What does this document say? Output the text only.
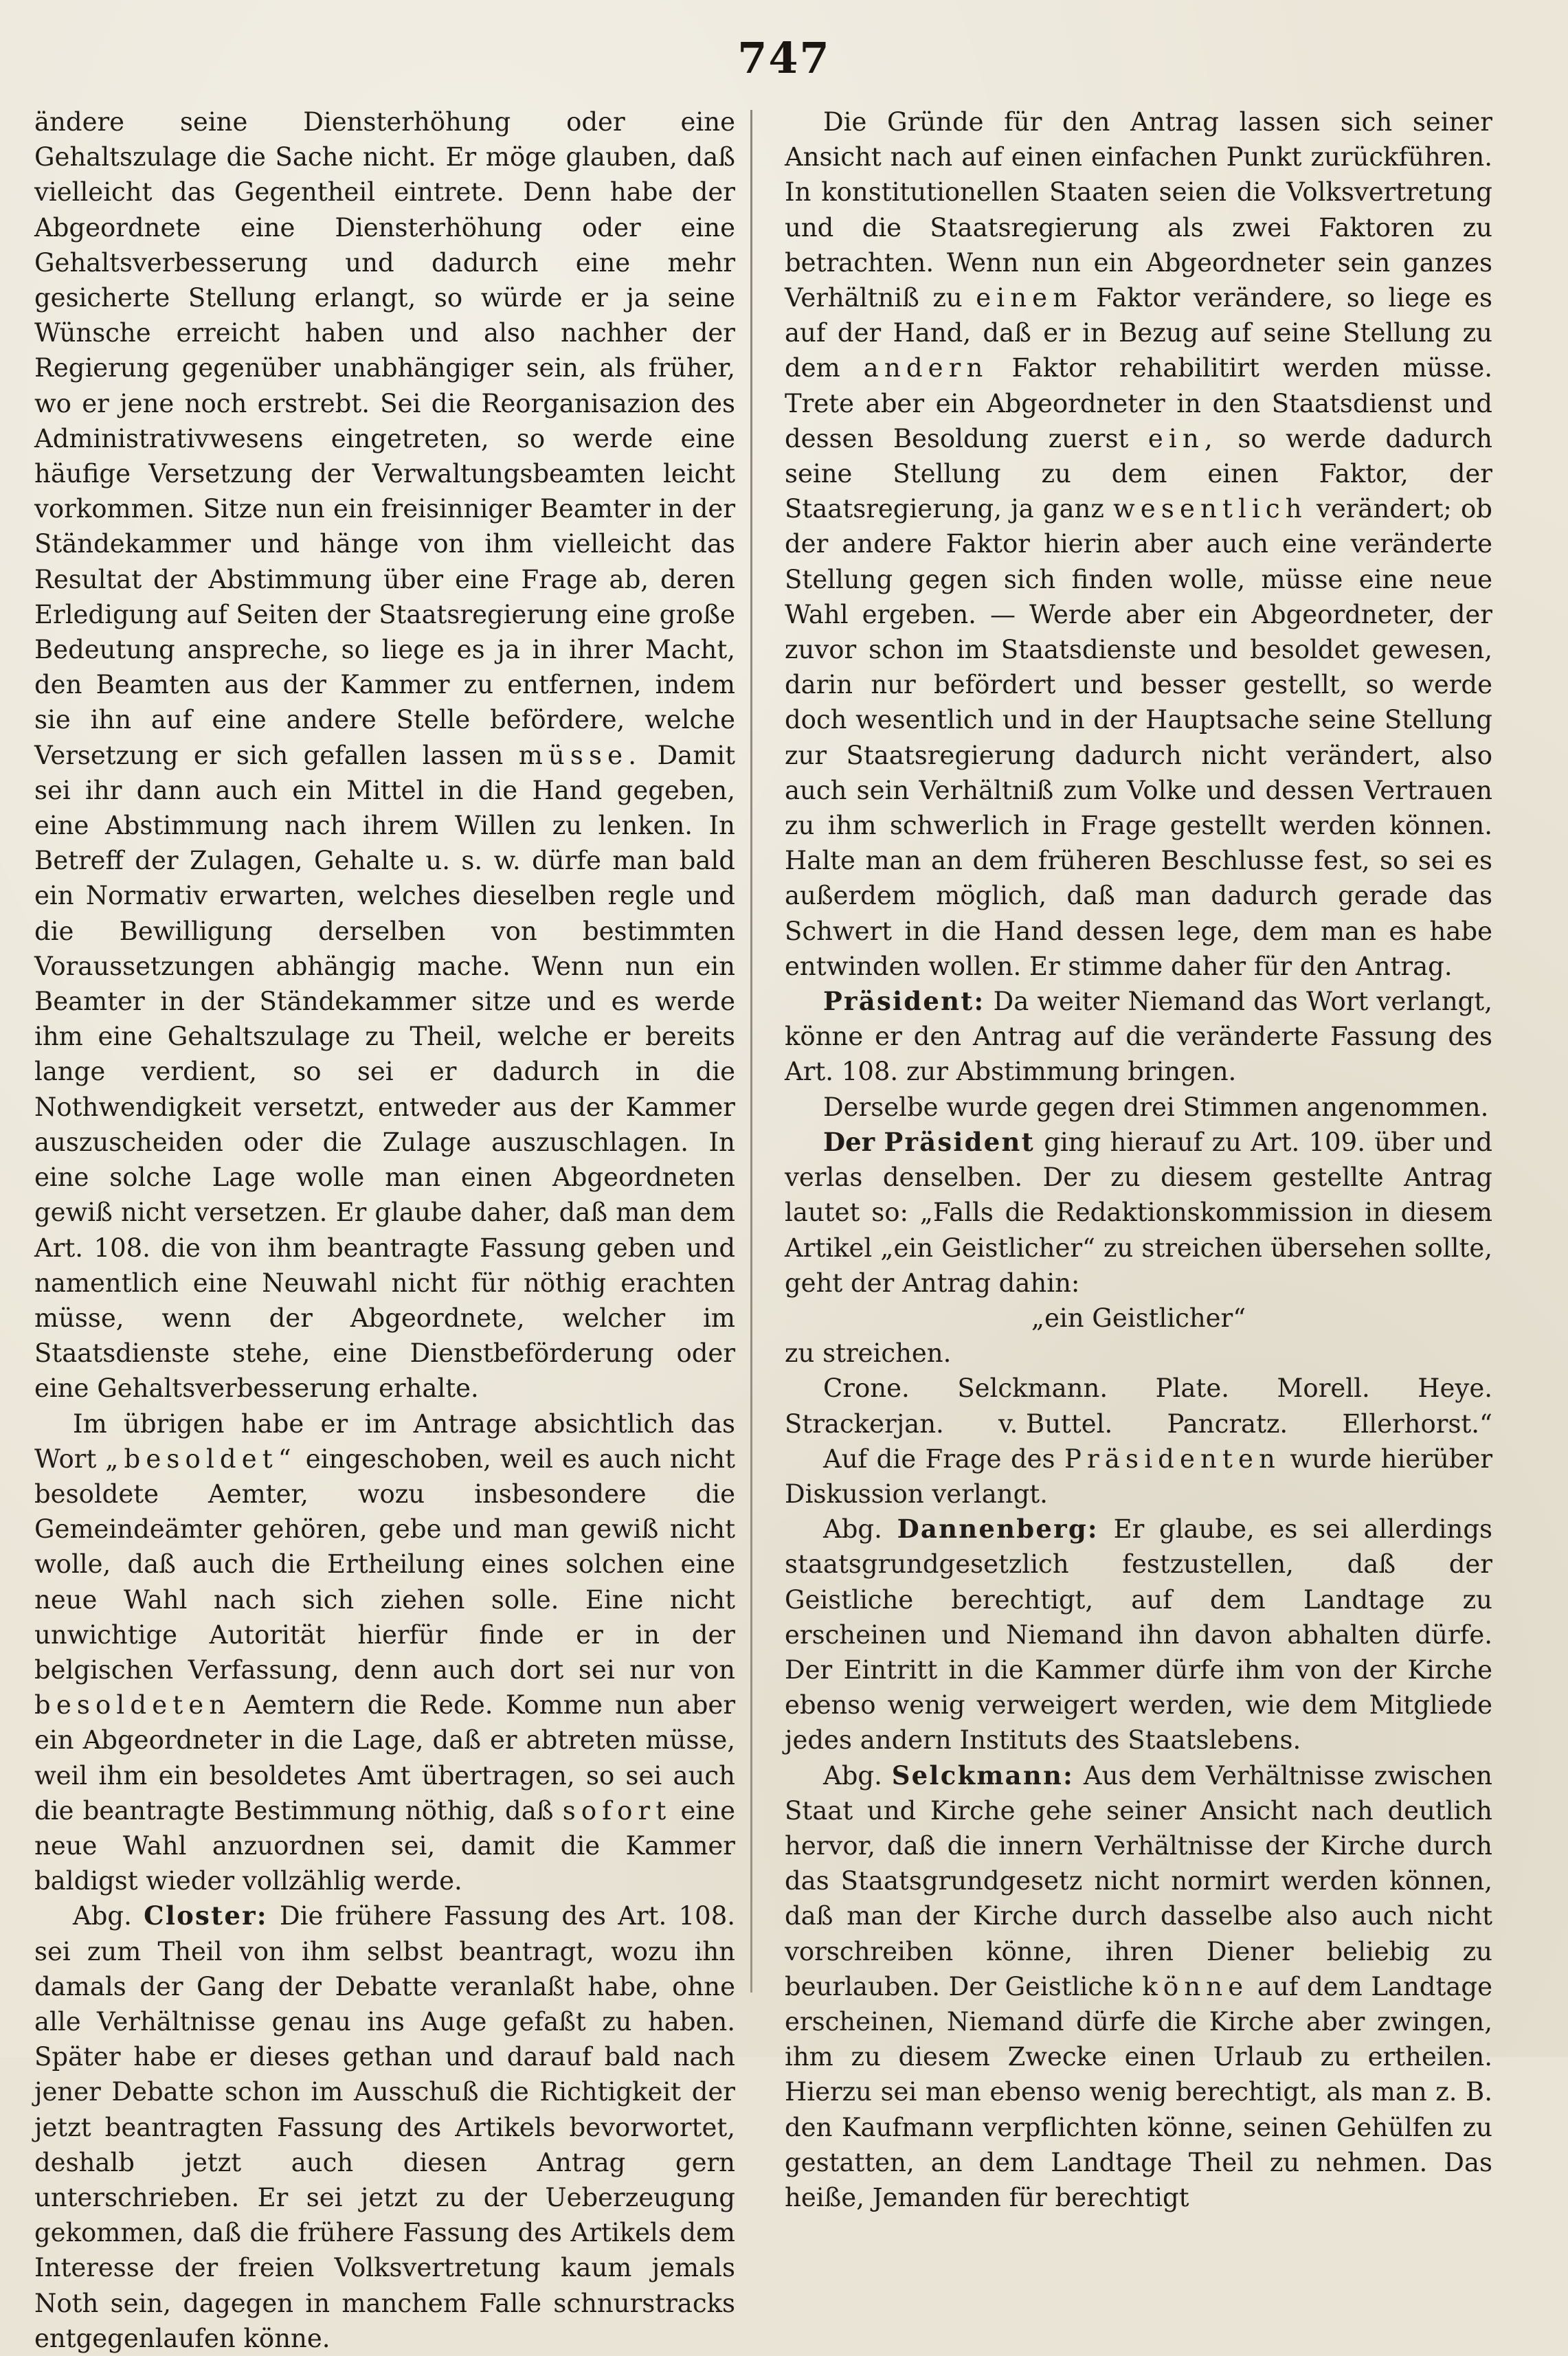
747

ändere seine Diensterhöhung oder eine Gehaltszulage die Sache nicht. Er möge glauben, daß vielleicht das Gegentheil eintrete. Denn habe der Abgeordnete eine Diensterhöhung oder eine Gehaltsverbesserung und dadurch eine mehr gesicherte Stellung erlangt, so würde er ja seine Wünsche erreicht haben und also nachher der Regierung gegenüber unabhängiger sein, als früher, wo er jene noch erstrebt. Sei die Reorganisazion des Administrativwesens eingetreten, so werde eine häufige Versetzung der Verwaltungsbeamten leicht vorkommen. Sitze nun ein freisinniger Beamter in der Ständekammer und hänge von ihm vielleicht das Resultat der Abstimmung über eine Frage ab, deren Erledigung auf Seiten der Staatsregierung eine große Bedeutung anspreche, so liege es ja in ihrer Macht, den Beamten aus der Kammer zu entfernen, indem sie ihn auf eine andere Stelle befördere, welche Versetzung er sich gefallen lassen müsse. Damit sei ihr dann auch ein Mittel in die Hand gegeben, eine Abstimmung nach ihrem Willen zu lenken. In Betreff der Zulagen, Gehalte u. s. w. dürfe man bald ein Normativ erwarten, welches dieselben regle und die Bewilligung derselben von bestimmten Voraussetzungen abhängig mache. Wenn nun ein Beamter in der Ständekammer sitze und es werde ihm eine Gehaltszulage zu Theil, welche er bereits lange verdient, so sei er dadurch in die Nothwendigkeit versetzt, entweder aus der Kammer auszuscheiden oder die Zulage auszuschlagen. In eine solche Lage wolle man einen Abgeordneten gewiß nicht versetzen. Er glaube daher, daß man dem Art. 108. die von ihm beantragte Fassung geben und namentlich eine Neuwahl nicht für nöthig erachten müsse, wenn der Abgeordnete, welcher im Staatsdienste stehe, eine Dienstbeförderung oder eine Gehaltsverbesserung erhalte.

Im übrigen habe er im Antrage absichtlich das Wort „besoldet“ eingeschoben, weil es auch nicht besoldete Aemter, wozu insbesondere die Gemeindeämter gehören, gebe und man gewiß nicht wolle, daß auch die Ertheilung eines solchen eine neue Wahl nach sich ziehen solle. Eine nicht unwichtige Autorität hierfür finde er in der belgischen Verfassung, denn auch dort sei nur von besoldeten Aemtern die Rede. Komme nun aber ein Abgeordneter in die Lage, daß er abtreten müsse, weil ihm ein besoldetes Amt übertragen, so sei auch die beantragte Bestimmung nöthig, daß sofort eine neue Wahl anzuordnen sei, damit die Kammer baldigst wieder vollzählig werde.

Abg. Closter: Die frühere Fassung des Art. 108. sei zum Theil von ihm selbst beantragt, wozu ihn damals der Gang der Debatte veranlaßt habe, ohne alle Verhältnisse genau ins Auge gefaßt zu haben. Später habe er dieses gethan und darauf bald nach jener Debatte schon im Ausschuß die Richtigkeit der jetzt beantragten Fassung des Artikels bevorwortet, deshalb jetzt auch diesen Antrag gern unterschrieben. Er sei jetzt zu der Ueberzeugung gekommen, daß die frühere Fassung des Artikels dem Interesse der freien Volksvertretung kaum jemals Noth sein, dagegen in manchem Falle schnurstracks entgegenlaufen könne.

Die Gründe für den Antrag lassen sich seiner Ansicht nach auf einen einfachen Punkt zurückführen. In konstitutionellen Staaten seien die Volksvertretung und die Staatsregierung als zwei Faktoren zu betrachten. Wenn nun ein Abgeordneter sein ganzes Verhältniß zu einem Faktor verändere, so liege es auf der Hand, daß er in Bezug auf seine Stellung zu dem andern Faktor rehabilitirt werden müsse. Trete aber ein Abgeordneter in den Staatsdienst und dessen Besoldung zuerst ein, so werde dadurch seine Stellung zu dem einen Faktor, der Staatsregierung, ja ganz wesentlich verändert; ob der andere Faktor hierin aber auch eine veränderte Stellung gegen sich finden wolle, müsse eine neue Wahl ergeben. — Werde aber ein Abgeordneter, der zuvor schon im Staatsdienste und besoldet gewesen, darin nur befördert und besser gestellt, so werde doch wesentlich und in der Hauptsache seine Stellung zur Staatsregierung dadurch nicht verändert, also auch sein Verhältniß zum Volke und dessen Vertrauen zu ihm schwerlich in Frage gestellt werden können. Halte man an dem früheren Beschlusse fest, so sei es außerdem möglich, daß man dadurch gerade das Schwert in die Hand dessen lege, dem man es habe entwinden wollen. Er stimme daher für den Antrag.

Präsident: Da weiter Niemand das Wort verlangt, könne er den Antrag auf die veränderte Fassung des Art. 108. zur Abstimmung bringen.

Derselbe wurde gegen drei Stimmen angenommen.

Der Präsident ging hierauf zu Art. 109. über und verlas denselben. Der zu diesem gestellte Antrag lautet so: „Falls die Redaktionskommission in diesem Artikel „ein Geistlicher“ zu streichen übersehen sollte, geht der Antrag dahin:

„ein Geistlicher“

zu streichen.

Crone. Selckmann. Plate. Morell. Heye.

Strackerjan. v. Buttel. Pancratz. Ellerhorst.“

Auf die Frage des Präsidenten wurde hierüber Diskussion verlangt.

Abg. Dannenberg: Er glaube, es sei allerdings staatsgrundgesetzlich festzustellen, daß der Geistliche berechtigt, auf dem Landtage zu erscheinen und Niemand ihn davon abhalten dürfe. Der Eintritt in die Kammer dürfe ihm von der Kirche ebenso wenig verweigert werden, wie dem Mitgliede jedes andern Instituts des Staatslebens.

Abg. Selckmann: Aus dem Verhältnisse zwischen Staat und Kirche gehe seiner Ansicht nach deutlich hervor, daß die innern Verhältnisse der Kirche durch das Staatsgrundgesetz nicht normirt werden können, daß man der Kirche durch dasselbe also auch nicht vorschreiben könne, ihren Diener beliebig zu beurlauben. Der Geistliche könne auf dem Landtage erscheinen, Niemand dürfe die Kirche aber zwingen, ihm zu diesem Zwecke einen Urlaub zu ertheilen. Hierzu sei man ebenso wenig berechtigt, als man z. B. den Kaufmann verpflichten könne, seinen Gehülfen zu gestatten, an dem Landtage Theil zu nehmen. Das heiße, Jemanden für berechtigt
